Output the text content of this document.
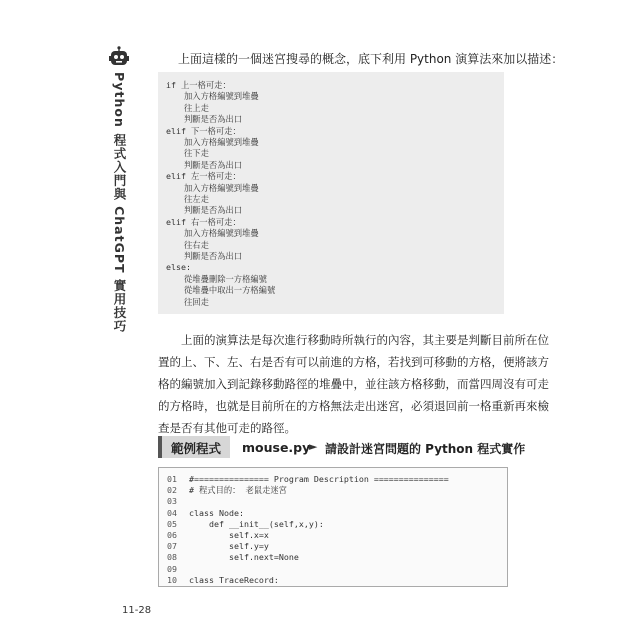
Python 程式入門與 ChatGPT 實用技巧
上面這樣的一個迷宮搜尋的概念，底下利用 Python 演算法來加以描述：
if 上一格可走：
加入方格編號到堆疊
往上走
判斷是否為出口
elif 下一格可走：
加入方格編號到堆疊
往下走
判斷是否為出口
elif 左一格可走：
加入方格編號到堆疊
往左走
判斷是否為出口
elif 右一格可走：
加入方格編號到堆疊
往右走
判斷是否為出口
else:
從堆疊刪除一方格編號
從堆疊中取出一方格編號
往回走
上面的演算法是每次進行移動時所執行的內容，其主要是判斷目前所在位
置的上、下、左、右是否有可以前進的方格，若找到可移動的方格，便將該方
格的編號加入到記錄移動路徑的堆疊中，並往該方格移動，而當四周沒有可走
的方格時，也就是目前所在的方格無法走出迷宮，必須退回前一格重新再來檢
查是否有其他可走的路徑。
範例程式 mouse.py
► 請設計迷宮問題的 Python 程式實作
01 #=============== Program Description ===============
02 # 程式目的： 老鼠走迷宮
03
04 class Node:
05    def __init__(self,x,y):
06        self.x=x
07        self.y=y
08        self.next=None
09
10 class TraceRecord:
11-28
